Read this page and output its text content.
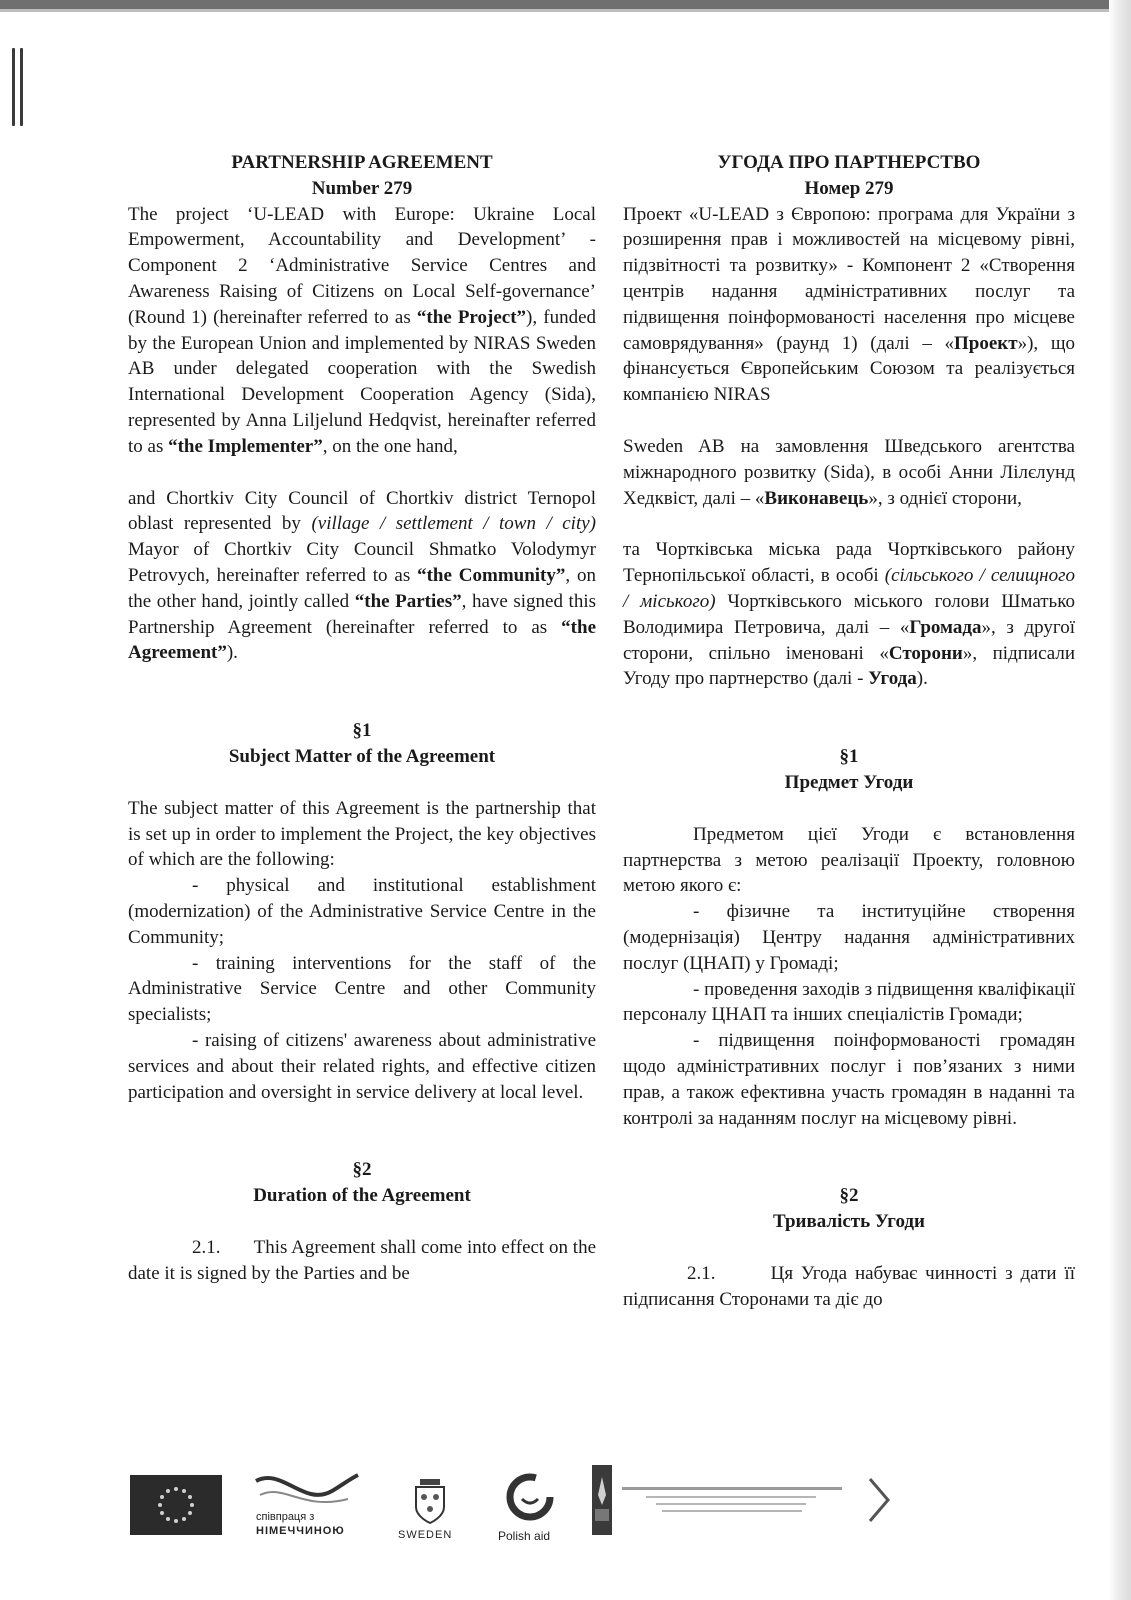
PARTNERSHIP AGREEMENT
Number 279

The project ‘U-LEAD with Europe: Ukraine Local Empowerment, Accountability and Development’ - Component 2 ‘Administrative Service Centres and Awareness Raising of Citizens on Local Self-governance’ (Round 1) (hereinafter referred to as “the Project”), funded by the European Union and implemented by NIRAS Sweden AB under delegated cooperation with the Swedish International Development Cooperation Agency (Sida), represented by Anna Liljelund Hedqvist, hereinafter referred to as “the Implementer”, on the one hand,

and Chortkiv City Council of Chortkiv district Ternopol oblast represented by (village / settlement / town / city) Mayor of Chortkiv City Council Shmatko Volodymyr Petrovych, hereinafter referred to as “the Community”, on the other hand, jointly called “the Parties”, have signed this Partnership Agreement (hereinafter referred to as “the Agreement”).

§1
Subject Matter of the Agreement

The subject matter of this Agreement is the partnership that is set up in order to implement the Project, the key objectives of which are the following:

- physical and institutional establishment (modernization) of the Administrative Service Centre in the Community;

- training interventions for the staff of the Administrative Service Centre and other Community specialists;

- raising of citizens' awareness about administrative services and about their related rights, and effective citizen participation and oversight in service delivery at local level.

§2
Duration of the Agreement

2.1.       This Agreement shall come into effect on the date it is signed by the Parties and be

УГОДА ПРО ПАРТНЕРСТВО
Номер 279

Проект «U-LEAD з Європою: програма для України з розширення прав і можливостей на місцевому рівні, підзвітності та розвитку» - Компонент 2 «Створення центрів надання адміністративних послуг та підвищення поінформованості населення про місцеве самоврядування» (раунд 1) (далі – «Проект»), що фінансується Європейським Союзом та реалізується компанією NIRAS

Sweden AB на замовлення Шведського агентства міжнародного розвитку (Sida), в особі Анни Лілєлунд Хедквіст, далі – «Виконавець», з однієї сторони,

та Чортківська міська рада Чортківського району Тернопільської області, в особі (сільського / селищного / міського) Чортківського міського голови Шматько Володимира Петровича, далі – «Громада», з другої сторони, спільно іменовані «Сторони», підписали Угоду про партнерство (далі - Угода).

§1
Предмет Угоди

Предметом цієї Угоди є встановлення партнерства з метою реалізації Проекту, головною метою якого є:

- фізичне та інституційне створення (модернізація) Центру надання адміністративних послуг (ЦНАП) у Громаді;

- проведення заходів з підвищення кваліфікації персоналу ЦНАП та інших спеціалістів Громади;

- підвищення поінформованості громадян щодо адміністративних послуг і пов’язаних з ними прав, а також ефективна участь громадян в наданні та контролі за наданням послуг на місцевому рівні.

§2
Тривалість Угоди

2.1.       Ця Угода набуває чинності з дати її підписання Сторонами та діє до

співпраця з
НІМЕЧЧИНОЮ	SWEDEN	Polish aid
